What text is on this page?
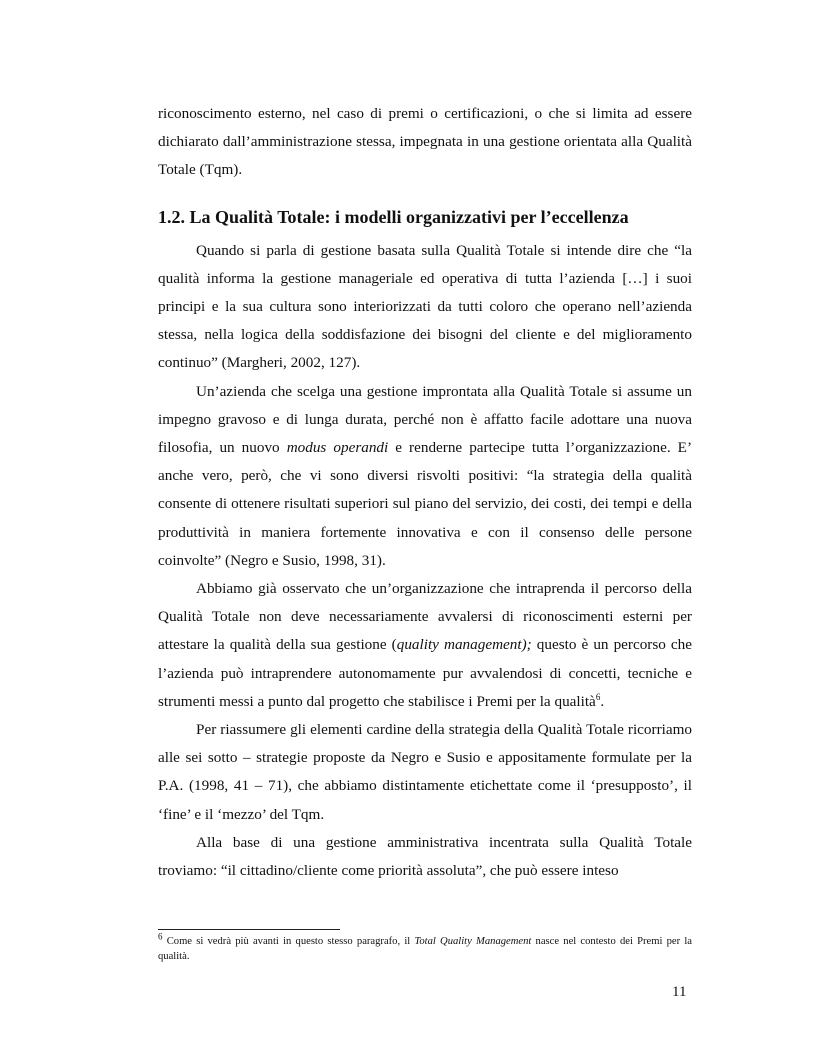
riconoscimento esterno, nel caso di premi o certificazioni, o che si limita ad essere dichiarato dall’amministrazione stessa, impegnata in una gestione orientata alla Qualità Totale (Tqm).

1.2. La Qualità Totale: i modelli organizzativi per l’eccellenza

Quando si parla di gestione basata sulla Qualità Totale si intende dire che “la qualità informa la gestione manageriale ed operativa di tutta l’azienda […] i suoi principi e la sua cultura sono interiorizzati da tutti coloro che operano nell’azienda stessa, nella logica della soddisfazione dei bisogni del cliente e del miglioramento continuo” (Margheri, 2002, 127).

Un’azienda che scelga una gestione improntata alla Qualità Totale si assume un impegno gravoso e di lunga durata, perché non è affatto facile adottare una nuova filosofia, un nuovo modus operandi e renderne partecipe tutta l’organizzazione. E’ anche vero, però, che vi sono diversi risvolti positivi: “la strategia della qualità consente di ottenere risultati superiori sul piano del servizio, dei costi, dei tempi e della produttività in maniera fortemente innovativa e con il consenso delle persone coinvolte” (Negro e Susio, 1998, 31).

Abbiamo già osservato che un’organizzazione che intraprenda il percorso della Qualità Totale non deve necessariamente avvalersi di riconoscimenti esterni per attestare la qualità della sua gestione (quality management); questo è un percorso che l’azienda può intraprendere autonomamente pur avvalendosi di concetti, tecniche e strumenti messi a punto dal progetto che stabilisce i Premi per la qualità$^6$.

Per riassumere gli elementi cardine della strategia della Qualità Totale ricorriamo alle sei sotto – strategie proposte da Negro e Susio e appositamente formulate per la P.A. (1998, 41 – 71), che abbiamo distintamente etichettate come il ‘presupposto’, il ‘fine’ e il ‘mezzo’ del Tqm.

Alla base di una gestione amministrativa incentrata sulla Qualità Totale troviamo: “il cittadino/cliente come priorità assoluta”, che può essere inteso

$^6$ Come si vedrà più avanti in questo stesso paragrafo, il Total Quality Management nasce nel contesto dei Premi per la qualità.
11
